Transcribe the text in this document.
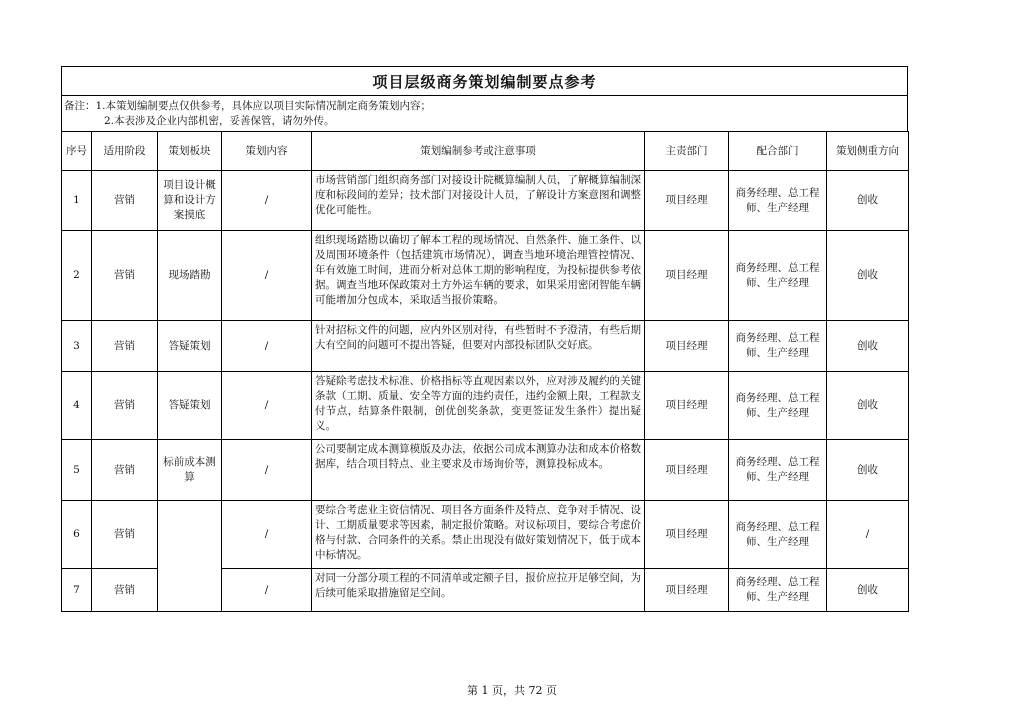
项目层级商务策划编制要点参考
备注：1.本策划编制要点仅供参考，具体应以项目实际情况制定商务策划内容；
2.本表涉及企业内部机密，妥善保管，请勿外传。
序号	适用阶段	策划板块	策划内容	策划编制参考或注意事项	主责部门	配合部门	策划侧重方向
1	营销	项目设计概算和设计方案摸底	/	市场营销部门组织商务部门对接设计院概算编制人员，了解概算编制深度和标段间的差异；技术部门对接设计人员，了解设计方案意图和调整优化可能性。	项目经理	商务经理、总工程师、生产经理	创收
2	营销	现场踏勘	/	组织现场踏勘以确切了解本工程的现场情况、自然条件、施工条件、以及周围环境条件（包括建筑市场情况），调查当地环境治理管控情况、年有效施工时间，进而分析对总体工期的影响程度，为投标提供参考依据。调查当地环保政策对土方外运车辆的要求，如果采用密闭智能车辆可能增加分包成本，采取适当报价策略。	项目经理	商务经理、总工程师、生产经理	创收
3	营销	答疑策划	/	针对招标文件的问题，应内外区别对待，有些暂时不予澄清，有些后期大有空间的问题可不提出答疑，但要对内部投标团队交好底。	项目经理	商务经理、总工程师、生产经理	创收
4	营销	答疑策划	/	答疑除考虑技术标准、价格指标等直观因素以外，应对涉及履约的关键条款（工期、质量、安全等方面的违约责任，违约金额上限，工程款支付节点，结算条件限制，创优创奖条款，变更签证发生条件）提出疑义。	项目经理	商务经理、总工程师、生产经理	创收
5	营销	标前成本测算	/	公司要制定成本测算模版及办法，依据公司成本测算办法和成本价格数据库，结合项目特点、业主要求及市场询价等，测算投标成本。	项目经理	商务经理、总工程师、生产经理	创收
6	营销		/	要综合考虑业主资信情况、项目各方面条件及特点、竞争对手情况、设计、工期质量要求等因素，制定报价策略。对议标项目，要综合考虑价格与付款、合同条件的关系。禁止出现没有做好策划情况下，低于成本中标情况。	项目经理	商务经理、总工程师、生产经理	/
7	营销		/	对同一分部分项工程的不同清单或定额子目，报价应拉开足够空间，为后续可能采取措施留足空间。	项目经理	商务经理、总工程师、生产经理	创收
第 1 页，共 72 页
